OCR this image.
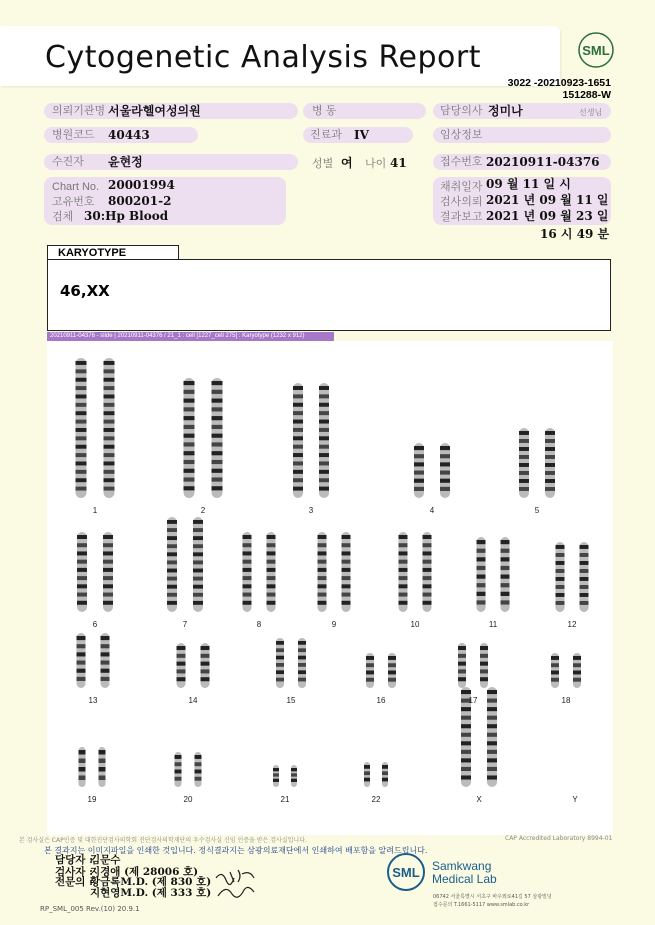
Cytogenetic Analysis Report	SML
3022 -20210923-1651
151288-W
의뢰기관명 서울라헬여성의원	병 동	담당의사 정미나	선생님
병원코드 40443	진료과 IV	임상정보
수진자 윤현정	성별 여 나이 41	접수번호 20210911-04376
Chart No. 20001994
고유번호 800201-2
검체 30:Hp Blood
채취일자 09 월 11 일 시
검사의뢰 2021 년 09 월 11 일
결과보고 2021 년 09 월 23 일
16 시 49 분
KARYOTYPE
46,XX
20210911-04376 - slide | 20210911-04376 / 21_1 : cell [1227_cell 275] : Karyotype (1232 x 912)
1	2	3	4	5
6	7	8	9	10	11	12
13	14	15	16	17	18
19	20	21	22	X	Y
본 검사실은 CAP인증 및 대한진단검사의학회 진단검사의학재단의 우수검사실 신임 인증을 받은 검사실입니다.	CAP Accredited Laboratory 8994-01
본 결과지는 이미지파일을 인쇄한 것입니다. 정식결과지는 삼광의료재단에서 인쇄하여 배포함을 알려드립니다.
담당자 :
김문수
검사자 :
지경애 (제 28006 호)
전문의 :
황금록M.D. (제 830 호)
지현영M.D. (제 333 호)
RP_SML_005 Rev.(10) 20.9.1
SML Samkwang
Medical Lab
06742 서울특별시 서초구 바우뫼로41길 57 삼광빌딩
접수문의 T.1661-5117 www.smlab.co.kr
